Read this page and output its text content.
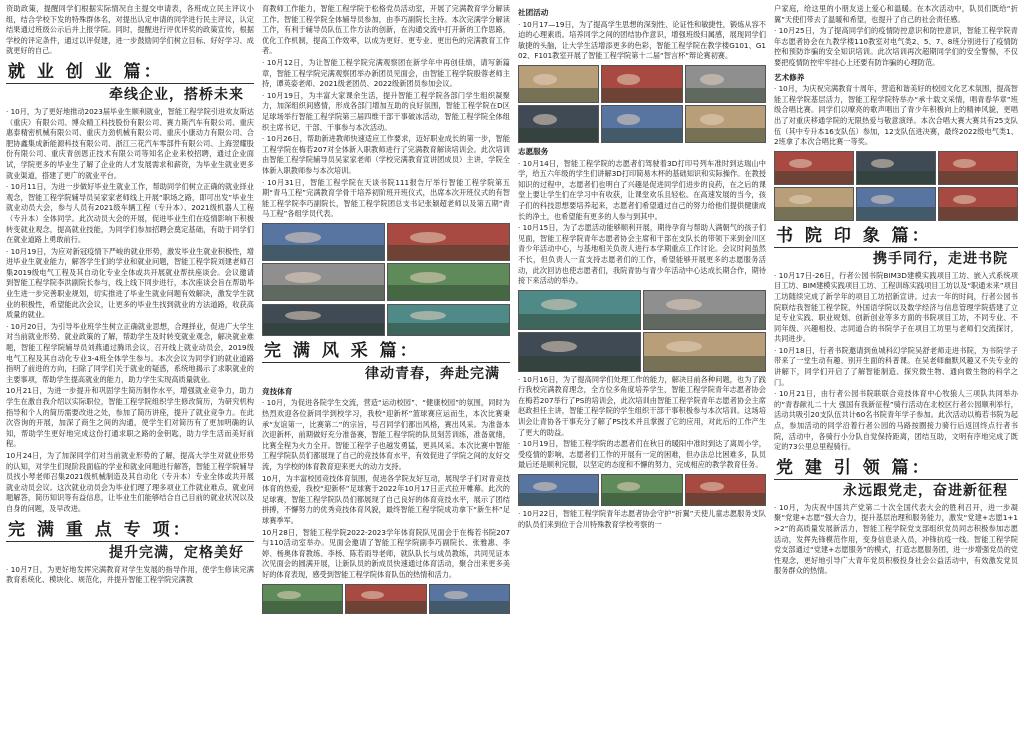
资助政策，提醒同学们根据实际情况自主提交申请表，各班成立民主评议小组，结合学校下发的特殊群体名，对提出认定申请的同学进行民主评议，认定结果通过班级公示后并上报学院。同时，提醒进行评优评奖的政策宣传，根据学校的评定条件，通过以评促建，进一步鼓励同学们树立目标、好好学习、成就更好的自己。

就 业 创 业 篇：
牵线企业，搭桥未来

· 10月，为了更好地推动2023届毕业生顺利就业，智能工程学院引进欢友斯达（重庆）有限公司、博众精工科技股份有限公司、赛力斯汽车有限公司、重庆惠泰精密机械有限公司、重庆力劲机械有限公司、重庆小康动力有限公司、合肥协鑫集成新能源科技有限公司、浙江三花汽车零部件有限公司、上海翌耀股份有限公司、重庆青创恩正技术有限公司等知名企业来校招聘，通过企业面试，学院更多的毕业生了解了企业的人才发展需求和薪资，为毕业生就业更多就业渠道，搭建了更广的就业平台。

· 10月11日，为进一步做好毕业生就业工作，帮助同学们树立正确的就业择业观念，智能工程学院辅导员吴家家老师线上开展“职场之路，即可出发”毕业生就业动员大会，参与人员有2021级车辆工程（专升本）、2021级机器人工程（专升本）全体同学。此次动员大会的开展，促进毕业生们在疫情影响下积极转变就业观念，提高就业技能，为同学们参加招聘会奠定基础，有助于同学们在就业道路上勇敢前行。

· 10月19日，为应对新冠疫情下严峻的就业形势，激发毕业生就业积极性，增进毕业生就业能力，解答学生们的学业和就业问题，智能工程学院刘建老师召集2019级电气工程及其自动化专业全体或共开展就业帮扶座谈会。会议邀请到智能工程学院李洪副院长参与，线上线下同步进行，本次座谈会旨在帮助毕业生进一步完善职业规划，切实推进了毕业生就业问题有效解决，激发学生就业的积极性，希望能此次会议，让更多的毕业生找到就业的方法道路，收获高质量的就业。

· 10月20日，为引导毕业班学生树立正确就业思想，合理择业，促进广大学生对当前就业形势、就业政策的了解，帮助学生及时转变就业观念，解决就业难题，智能工程学院辅导员刘燕通过腾讯会议，召开线上就业动员会，2019级电气工程及其自动化专业3-4班全体学生参与。本次会议为同学们的就业道路指明了前进的方向，扫除了同学们关于就业的疑惑，系统地揭示了求职就业的主要事项，帮助学生提高就业的能力，助力学生实现高质量就业。

10月21日，为进一步提升和巩固学生简历制作水平，增强就业竞争力，助力学生在激自我介绍以实际职位，智能工程学院组织学生修改简历，为研究机构指导和个人的简历需要改进之处，参加了简历讲座，提升了就业竞争力。在此次咨询的开展，加深了商生之间的沟通，使学生们对简历有了更加明确的认知，帮助学生更好地完成这份打通求职之路的金钥匙，助力学生活而美好前程。

10月24日，为了加深同学们对当前就业形势的了解，提高大学生对就业形势的认知，对学生们现阶段面临的学业和就业问题进行解答，智能工程学院辅导员找小琴老师召集2021级机械制造及其自动化（专升本）专业全体或共开展就业动员会议。这次就业动员会为毕业们理了理多项业工作就业难点，就业问题解答，简历知识等有益信息，让毕业生们能够结合自己目前的就业状况以及自身的问题，及早改进。

完 满 重 点 专 项：
提升完满，定格美好

· 10月7日，为更好地发挥完满教育对学生发展的指导作用，使学生修读完满教育系统化、模块化、规范化，并提升智能工程学院完满教

育教师工作能力，智能工程学院于松格党员活动室，开展了完满教育学分解读工作。智能工程学院全体辅导员参加，由李巧副院长主持。本次完满学分解读工作，有利于辅导员队伍工作方法的创新，在沟通交流中打开新的工作思路，优化工作机制，提高工作效率，以成为更好、更专业、更出色的完满教育工作者。

· 10月12日，为让智能工程学院完满观察团在新学年中再创佳绩，请写新篇章，智能工程学院完满观察团举办新团员见面会，由智能工程学院殷蓉老师主持，谭英姿老师、2021级老团员、2022级新团员参加会议。

· 10月19日，为丰富大家课余生活，提升智能工程学院各部门学生组织凝聚力，加深组织间感情，形成各部门增加互助的良好氛围，智能工程学院在D区足球场举行智能工程学院第三届四维干部干事破冰活动，智能工程学院全体组织主席书记、干部、干事参与本次活动。

· 10月26日，帮助新进教师快速适应工作要求，迈好职业成长的第一步，智能工程学院在梅若207对全体新入职教师进行了完满教育解读培训会。此次培训由智能工程学院辅导员吴家家老师（学校完满教育宣讲团成员）主讲，学院全体新入职教师参与本次培训。

· 10月31日，智能工程学院在天谈书院111报告厅举行智能工程学院第五期“青马工程”完满教育学骨干培养初阶班开班仪式，出席本次开班仪式的有智能工程学院李巧副院长，智能工程学院团总支书记张颖超老师以及第五期“青马工程”各组学员代表。

完 满 风 采 篇：
律动青春，奔赴完满
竞技体育

· 10月，为促进各院学生交流，营造“运动校园”、“健康校园”的氛围，同时为热烈欢迎各位新同学到校学习，我校“迎新杯”篮球赛应运而生，本次比赛秉承“友谊第一，比赛第二”的宗旨，号召同学们都出风格，赛出风采。为准备本次迎新杯，前期做好充分准备赛，智能工程学院的队员刻苦训练，准备就绪，比赛全程为火力全开。智能工程学子也越发勇猛，更具风采。本次比赛中智能工程学院队员们都展现了自己的竞技体育水平，有效促进了学院之间的友好交流，为学校的体育教育迎来更大的动力支持。

10月，为丰富校园竞技体育氛围，促进各学院友好互动，展现学子们对青竞技体育的热爱，我校“迎新杯”足球赛于2022年10月17日正式拉开帷幕。此次的足球赛，智能工程学院队员们都展现了自己良好的体育竞技水平，展示了团结拼搏，不懈努力的优秀竞技体育风貌，最终智能工程学院成功拿下“新生杯”足球赛季军。

10月28日，智能工程学院2022-2023学年体育院队见面会于在梅若书院207与110活动室举办。见面会邀请了智能工程学院副李巧副院长、张雅惠、李婷、杨奥体育教练、李杨、陈若雨导老师，就队队长与成员教练，共同见证本次见面会的圆满开展，让新队员的新成员快速通过体育活动，聚合出来更多美好的体育表现，感受到智能工程学院体育队伍的热情和活力。

社团活动

· 10月17—19日，为了提高学生思想的深刻性、论证性和敏捷性，锻炼从容不迫的心理素质。培养同学之间的团结协作意识，增强班级归属感，展现同学们敏捷的头脑，让大学生活增添更多的色彩，智能工程学院在教学楼G101、G102、F101教室开展了智能工程学院第十二届“智言杯”辩论赛初赛。

志愿服务

· 10月14日，智能工程学院的志愿者们驾驶着3D打印号列车准时到达瑞山中学，给五六年级的学生们讲解3D打印简易木杯的基础知识和实际操作。在教授知识的过程中，志愿者们也明白了兴趣是促进同学们进步的良药，在之后的课堂上要让学生们在学习中有收获，让课堂欢乐且轻松。在高速发展的当今，孩子们的科技思想要培养起来，志愿者们希望通过自己的努力给他们提供健康成长的净土，也希望能有更多的人参与到其中。

· 10月15日，为了志愿活动能够顺利开展，期待孕育与帮助人满朝气的孩子们见面，智能工程学院青年志愿者协会主席和干部在支队长的带领下来到金川区青少年活动中心，与基地相关负责人进行本学期重点工作讨论。会议时间虽然不长，但负责人一直支持志愿者们的工作，希望能够开展更多的志愿服务活动，此次回访也使志愿者们，我院青协与青少年活动中心达成长期合作，期待接下来活动的举办。

· 10月16日，为了提高同学们处理工作的能力，解决目前各种问题，也为了践行我校完满教育理念，全方位多角度培养学生，智能工程学院青年志愿者协会在梅若207举行了PS的培训会，此次培训由智能工程学院青年志愿者协会主席赵政担任主讲，智能工程学院的学生组织干部干事积极参与本次培训。这场培训会让青协各干事充分了解了PS技术并且掌握了它的应用，对此后的工作产生了更大的助益。

· 10月19日，智能工程学院的志愿者们在秋日的暖阳中准时到达了离周小学，受疫情的影响，志愿者们工作的开展有一定的困难，但办法总比困难多，队员最后还是顺利完服，以坚定的态度和不懈的努力，完成相应的教学教育任务。

· 10月22日，智能工程学院青年志愿者协会守护“折翼”天使儿童志愿服务支队的队员们来到位于合川特殊教育学校考察的一

户家庭，给这里的小朋友送上爱心和温暖。在本次活动中，队员们既给“折翼”天使们带去了温暖和希望，也提升了自己的社会责任感。

· 10月25日，为了提高同学们的疫情防控意识和防控意识，智能工程学院青年志愿者协会在九教学楼110教室对电气类2、5、7、8班分别进行了疫情防控和预防诈骗的安全知识培训。此次培训再次超期同学们的安全警惕，不仅要把疫情防控牢牢挂心上还要有防诈骗的心理防范。

艺术修养

· 10月，为庆祝完满教育十周年，营造和谐美好的校园文化艺术氛围，提高智能工程学院基层活力，智能工程学院特举办“承十载文采情，唱青春华章”班级合唱比赛。同学们以嘹亮的歌声唱出了青少年积极向上的精神风貌，更唱出了对重庆移通学院的无限热爱与敬意演绎。本次合唱大赛大赛共有25支队伍（其中专升本16支队伍）参加，12支队伍进决赛，最终2022级电气类1、2班拿了本次合唱比赛一等奖。

书 院 印 象 篇：
携手同行，走进书院

· 10月17日-26日，行者公园书院BIM3D建模实践项目工坊、嵌入式系统项目工坊、BIM建模实践项目工坊、工程训练实践项目工坊以及“职通未来”项目工坊随续完成了新学年的项目工坊招新宣讲。过去一年的时间，行者公园书院联结我智能工程学院、外国语学院以及数学经济与信息管理学院搭建了立足专业实践、职业规划、创新创业等多方面的书院项目工坊，不同专业、不同年级、兴趣相投、志同道合的书院学子在项目工坊里与老师们交流探讨，共同进步。

· 10月18日，行者书院邀请到鱼城科幻学院吴舒老师走进书院，为书院学子带来了一堂生动有趣、别开生面的科普课。在吴老师幽默风趣又不失专业的讲解下，同学们开启了了解智能制造、探究微生物、通向微生物的科学之门。

· 10月21日，由行者公园书院联联合竞技体育中心牧狼人三项队共同举办的“青春献礼二十大 强国有我新征程”骑行活动在北校区行者公园顺利举行，活动共吸引20支队伍共计60名书院青年学子参加。此次活动以梅若书院为起点，参加活动的同学沿着行者公园的马路按圈接力骑行后返回终点行者书院，活动中，各骑行小分队自觉保持距离，团结互助，文明有序地完成了既定的73公里总里程骑行。

党 建 引 领 篇：
永远跟党走，奋进新征程

· 10月，为庆祝中国共产党第二十次全国代表大会的胜利召开，进一步凝聚“党建+志愿”强大合力，提升基层治理和服务能力，激发“党建+志愿1+1>2”的高质量发展新活力，智能工程学院党支部组织党员同志积极参加志愿活动，发挥先锋模范作用，变身信息录入员，冲锋抗疫一线。智能工程学院党支部通过“党建+志愿服务”的模式，打造志愿服务团，进一步增强党员的党性观念，更好地引导广大青年党员积极投身社会公益活动中，有效激发党员服务群众的热情。
